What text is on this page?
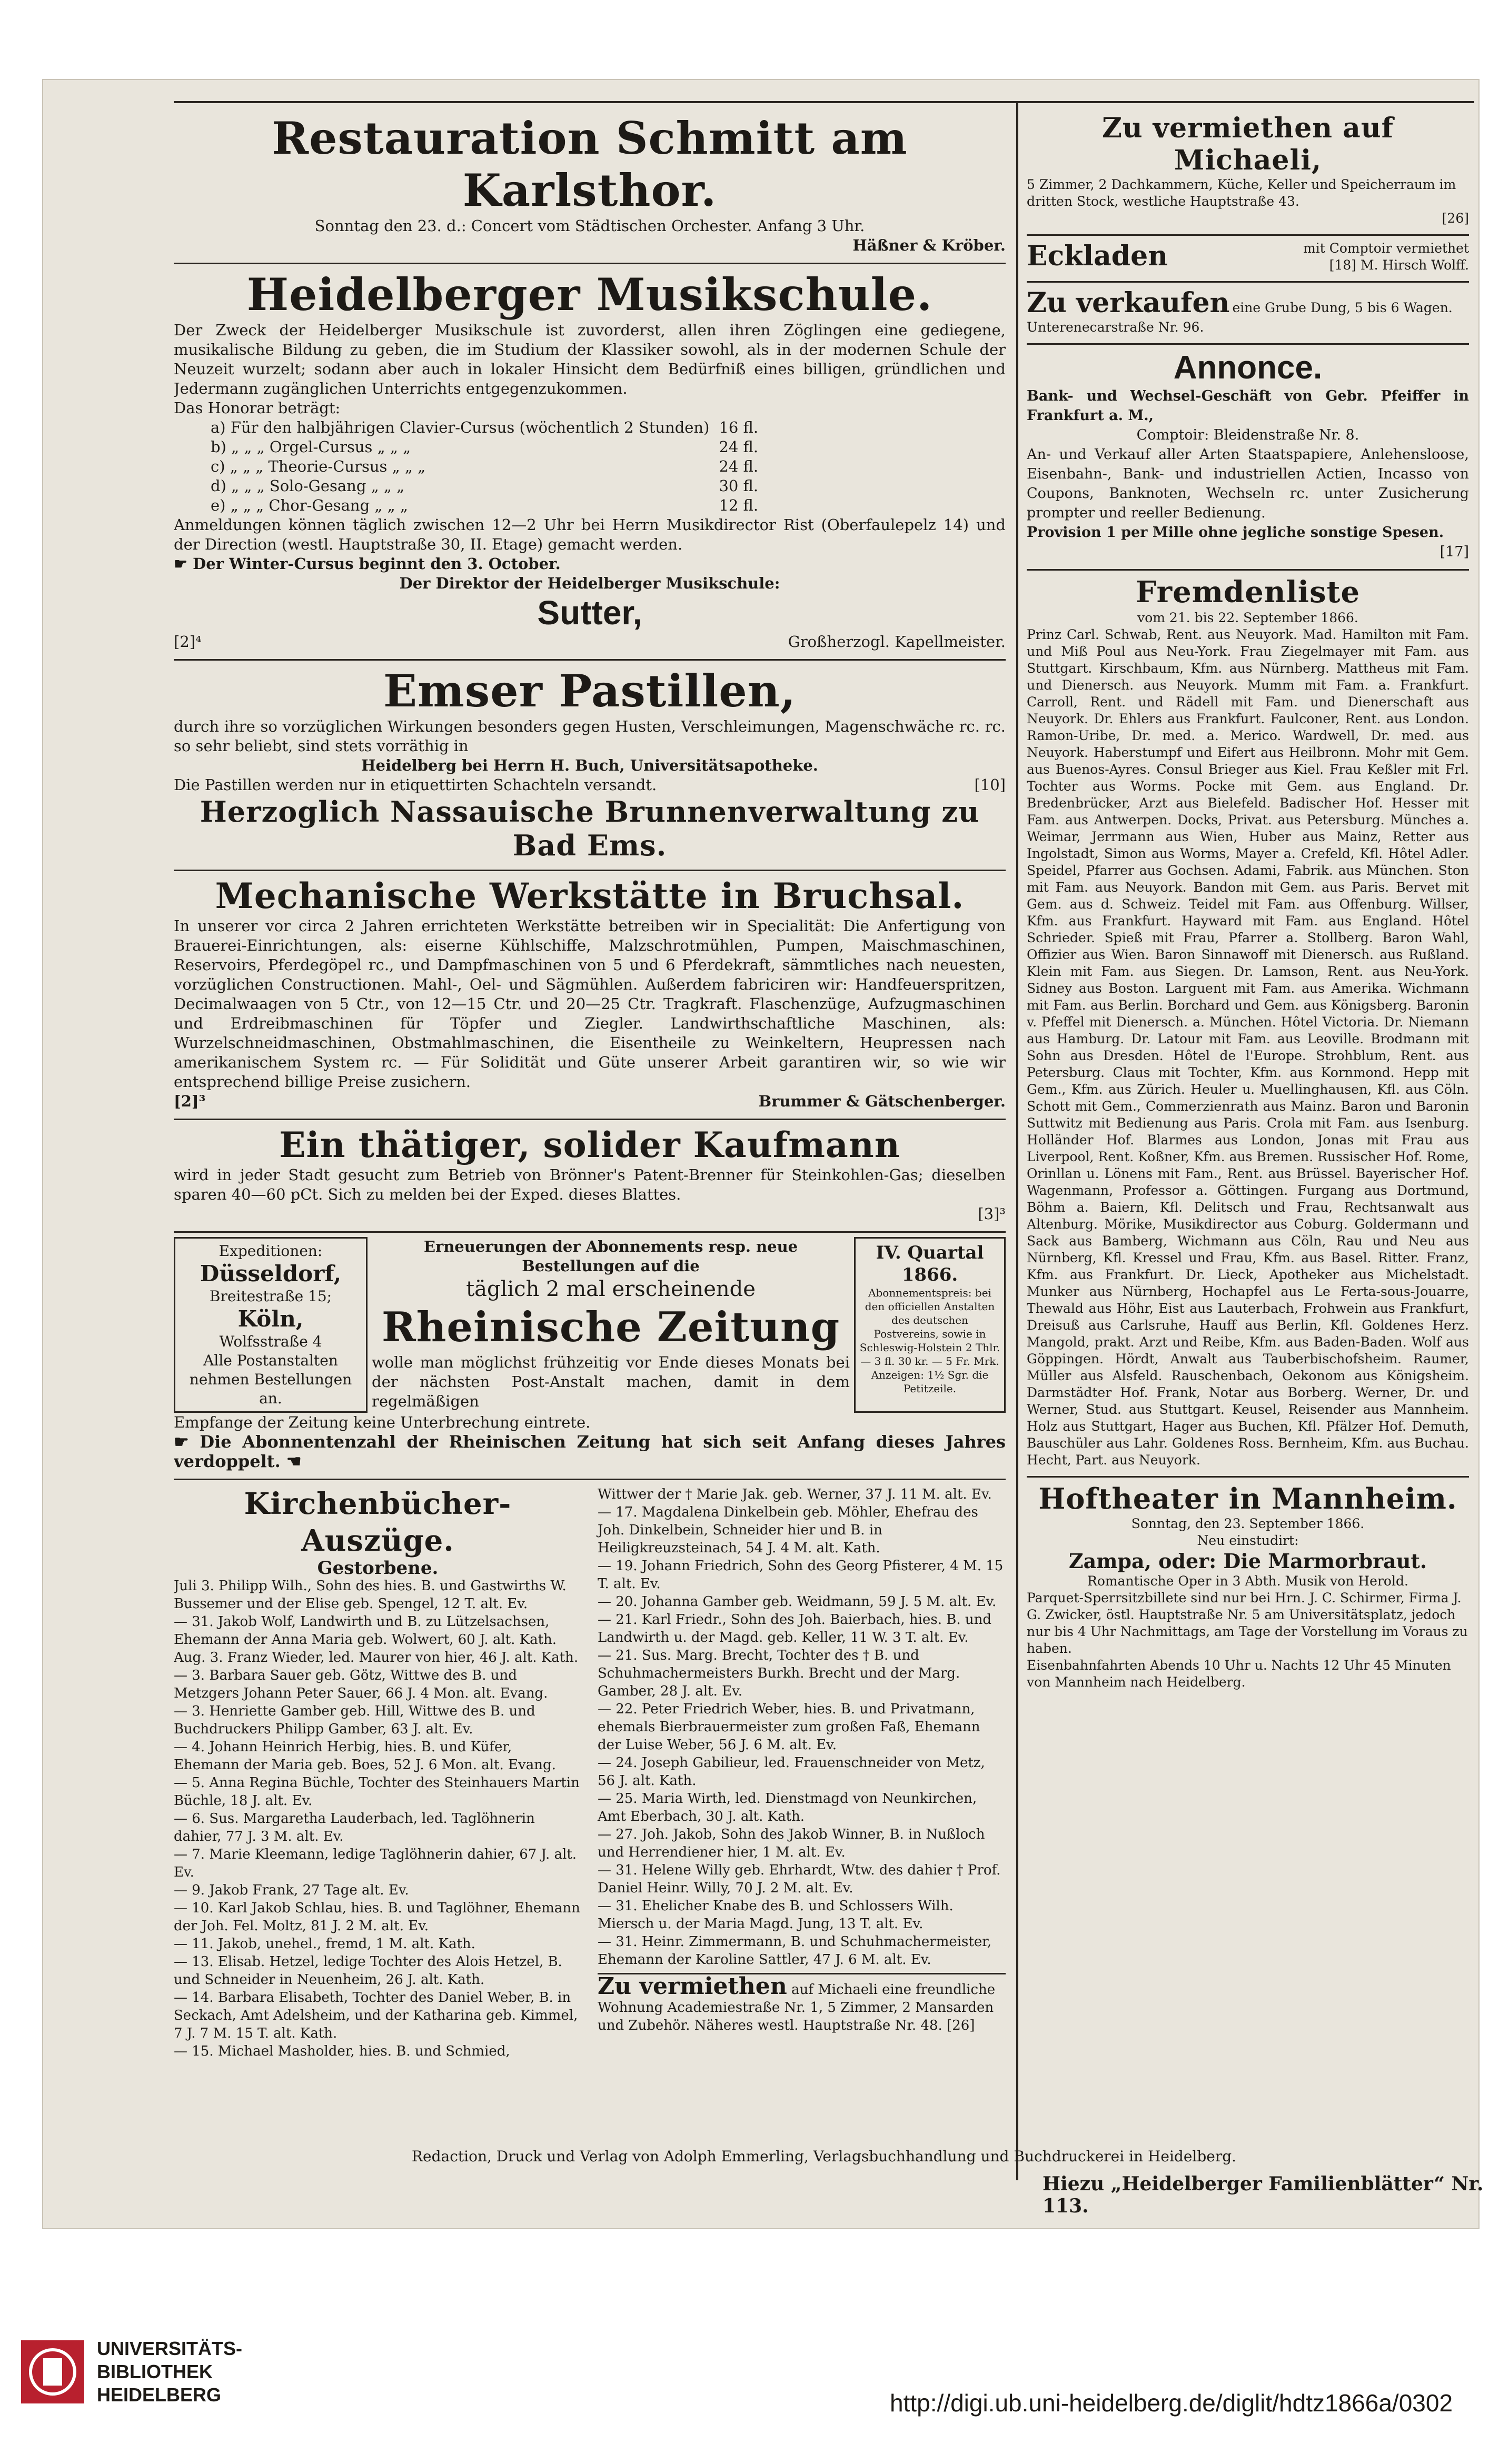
Restauration Schmitt am Karlsthor.
Sonntag den 23. d.: Concert vom Städtischen Orchester. Anfang 3 Uhr.
Häßner & Kröber.
Heidelberger Musikschule.
Der Zweck der Heidelberger Musikschule ist zuvorderst, allen ihren Zöglingen eine gediegene, musikalische Bildung zu geben, die im Studium der Klassiker sowohl, als in der modernen Schule der Neuzeit wurzelt; sodann aber auch in lokaler Hinsicht dem Bedürfniß eines billigen, gründlichen und Jedermann zugänglichen Unterrichts entgegenzukommen.
Das Honorar beträgt:
a) Für den halbjährigen Clavier-Cursus (wöchentlich 2 Stunden)	16 fl.
b) „ „ „ Orgel-Cursus „ „ „	24 fl.
c) „ „ „ Theorie-Cursus „ „ „	24 fl.
d) „ „ „ Solo-Gesang „ „ „	30 fl.
e) „ „ „ Chor-Gesang „ „ „	12 fl.
Anmeldungen können täglich zwischen 12—2 Uhr bei Herrn Musikdirector Rist (Oberfaulepelz 14) und der Direction (westl. Hauptstraße 30, II. Etage) gemacht werden.
☛ Der Winter-Cursus beginnt den 3. October.
Der Direktor der Heidelberger Musikschule:
Sutter,
[2]⁴	Großherzogl. Kapellmeister.
Emser Pastillen,
durch ihre so vorzüglichen Wirkungen besonders gegen Husten, Verschleimungen, Magenschwäche rc. rc. so sehr beliebt, sind stets vorräthig in
Heidelberg bei Herrn H. Buch, Universitätsapotheke.
Die Pastillen werden nur in etiquettirten Schachteln versandt.	[10]
Herzoglich Nassauische Brunnenverwaltung zu Bad Ems.
Mechanische Werkstätte in Bruchsal.
In unserer vor circa 2 Jahren errichteten Werkstätte betreiben wir in Specialität: Die Anfertigung von Brauerei-Einrichtungen, als: eiserne Kühlschiffe, Malzschrotmühlen, Pumpen, Maischmaschinen, Reservoirs, Pferdegöpel rc., und Dampfmaschinen von 5 und 6 Pferdekraft, sämmtliches nach neuesten, vorzüglichen Constructionen. Mahl-, Oel- und Sägmühlen. Außerdem fabriciren wir: Handfeuerspritzen, Decimalwaagen von 5 Ctr., von 12—15 Ctr. und 20—25 Ctr. Tragkraft. Flaschenzüge, Aufzugmaschinen und Erdreibmaschinen für Töpfer und Ziegler. Landwirthschaftliche Maschinen, als: Wurzelschneidmaschinen, Obstmahlmaschinen, die Eisentheile zu Weinkeltern, Heupressen nach amerikanischem System rc. — Für Solidität und Güte unserer Arbeit garantiren wir, so wie wir entsprechend billige Preise zusichern.
[2]³	Brummer & Gätschenberger.
Ein thätiger, solider Kaufmann
wird in jeder Stadt gesucht zum Betrieb von Brönner's Patent-Brenner für Steinkohlen-Gas; dieselben sparen 40—60 pCt. Sich zu melden bei der Exped. dieses Blattes.
[3]³
Expeditionen:
Düsseldorf,
Breitestraße 15;
Köln,
Wolfsstraße 4
Alle Postanstalten nehmen Bestellungen an.
Erneuerungen der Abonnements resp. neue Bestellungen auf die
täglich 2 mal erscheinende
Rheinische Zeitung
wolle man möglichst frühzeitig vor Ende dieses Monats bei der nächsten Post-Anstalt machen, damit in dem regelmäßigen
IV. Quartal 1866.
Abonnementspreis: bei den officiellen Anstalten des deutschen Postvereins, sowie in Schleswig-Holstein 2 Thlr. — 3 fl. 30 kr. — 5 Fr. Mrk. Anzeigen: 1½ Sgr. die Petitzeile.
Empfange der Zeitung keine Unterbrechung eintrete.
☛ Die Abonnentenzahl der Rheinischen Zeitung hat sich seit Anfang dieses Jahres verdoppelt. ☚
Kirchenbücher-Auszüge.
Gestorbene.
Juli 3. Philipp Wilh., Sohn des hies. B. und Gastwirths W. Bussemer und der Elise geb. Spengel, 12 T. alt. Ev.
— 31. Jakob Wolf, Landwirth und B. zu Lützelsachsen, Ehemann der Anna Maria geb. Wolwert, 60 J. alt. Kath.
Aug. 3. Franz Wieder, led. Maurer von hier, 46 J. alt. Kath.
— 3. Barbara Sauer geb. Götz, Wittwe des B. und Metzgers Johann Peter Sauer, 66 J. 4 Mon. alt. Evang.
— 3. Henriette Gamber geb. Hill, Wittwe des B. und Buchdruckers Philipp Gamber, 63 J. alt. Ev.
— 4. Johann Heinrich Herbig, hies. B. und Küfer, Ehemann der Maria geb. Boes, 52 J. 6 Mon. alt. Evang.
— 5. Anna Regina Büchle, Tochter des Steinhauers Martin Büchle, 18 J. alt. Ev.
— 6. Sus. Margaretha Lauderbach, led. Taglöhnerin dahier, 77 J. 3 M. alt. Ev.
— 7. Marie Kleemann, ledige Taglöhnerin dahier, 67 J. alt. Ev.
— 9. Jakob Frank, 27 Tage alt. Ev.
— 10. Karl Jakob Schlau, hies. B. und Taglöhner, Ehemann der Joh. Fel. Moltz, 81 J. 2 M. alt. Ev.
— 11. Jakob, unehel., fremd, 1 M. alt. Kath.
— 13. Elisab. Hetzel, ledige Tochter des Alois Hetzel, B. und Schneider in Neuenheim, 26 J. alt. Kath.
— 14. Barbara Elisabeth, Tochter des Daniel Weber, B. in Seckach, Amt Adelsheim, und der Katharina geb. Kimmel, 7 J. 7 M. 15 T. alt. Kath.
— 15. Michael Masholder, hies. B. und Schmied,
Wittwer der † Marie Jak. geb. Werner, 37 J. 11 M. alt. Ev.
— 17. Magdalena Dinkelbein geb. Möhler, Ehefrau des Joh. Dinkelbein, Schneider hier und B. in Heiligkreuzsteinach, 54 J. 4 M. alt. Kath.
— 19. Johann Friedrich, Sohn des Georg Pfisterer, 4 M. 15 T. alt. Ev.
— 20. Johanna Gamber geb. Weidmann, 59 J. 5 M. alt. Ev.
— 21. Karl Friedr., Sohn des Joh. Baierbach, hies. B. und Landwirth u. der Magd. geb. Keller, 11 W. 3 T. alt. Ev.
— 21. Sus. Marg. Brecht, Tochter des † B. und Schuhmachermeisters Burkh. Brecht und der Marg. Gamber, 28 J. alt. Ev.
— 22. Peter Friedrich Weber, hies. B. und Privatmann, ehemals Bierbrauermeister zum großen Faß, Ehemann der Luise Weber, 56 J. 6 M. alt. Ev.
— 24. Joseph Gabilieur, led. Frauenschneider von Metz, 56 J. alt. Kath.
— 25. Maria Wirth, led. Dienstmagd von Neunkirchen, Amt Eberbach, 30 J. alt. Kath.
— 27. Joh. Jakob, Sohn des Jakob Winner, B. in Nußloch und Herrendiener hier, 1 M. alt. Ev.
— 31. Helene Willy geb. Ehrhardt, Wtw. des dahier † Prof. Daniel Heinr. Willy, 70 J. 2 M. alt. Ev.
— 31. Ehelicher Knabe des B. und Schlossers Wilh. Miersch u. der Maria Magd. Jung, 13 T. alt. Ev.
— 31. Heinr. Zimmermann, B. und Schuhmachermeister, Ehemann der Karoline Sattler, 47 J. 6 M. alt. Ev.
Zu vermiethen auf Michaeli eine freundliche Wohnung Academiestraße Nr. 1, 5 Zimmer, 2 Mansarden und Zubehör. Näheres westl. Hauptstraße Nr. 48. [26]
Zu vermiethen auf Michaeli,
5 Zimmer, 2 Dachkammern, Küche, Keller und Speicherraum im dritten Stock, westliche Hauptstraße 43.
[26]
Eckladen	mit Comptoir vermiethet
[18] M. Hirsch Wolff.
Zu verkaufen eine Grube Dung, 5 bis 6 Wagen. Unterenecarstraße Nr. 96.
Annonce.
Bank- und Wechsel-Geschäft von Gebr. Pfeiffer in Frankfurt a. M.,
Comptoir: Bleidenstraße Nr. 8.
An- und Verkauf aller Arten Staatspapiere, Anlehensloose, Eisenbahn-, Bank- und industriellen Actien, Incasso von Coupons, Banknoten, Wechseln rc. unter Zusicherung prompter und reeller Bedienung.
Provision 1 per Mille ohne jegliche sonstige Spesen.
[17]
Fremdenliste
vom 21. bis 22. September 1866.
Prinz Carl. Schwab, Rent. aus Neuyork. Mad. Hamilton mit Fam. und Miß Poul aus Neu-York. Frau Ziegelmayer mit Fam. aus Stuttgart. Kirschbaum, Kfm. aus Nürnberg. Mattheus mit Fam. und Dienersch. aus Neuyork. Mumm mit Fam. a. Frankfurt. Carroll, Rent. und Rädell mit Fam. und Dienerschaft aus Neuyork. Dr. Ehlers aus Frankfurt. Faulconer, Rent. aus London. Ramon-Uribe, Dr. med. a. Merico. Wardwell, Dr. med. aus Neuyork. Haberstumpf und Eifert aus Heilbronn. Mohr mit Gem. aus Buenos-Ayres. Consul Brieger aus Kiel. Frau Keßler mit Frl. Tochter aus Worms. Pocke mit Gem. aus England. Dr. Bredenbrücker, Arzt aus Bielefeld. Badischer Hof. Hesser mit Fam. aus Antwerpen. Docks, Privat. aus Petersburg. Münches a. Weimar, Jerrmann aus Wien, Huber aus Mainz, Retter aus Ingolstadt, Simon aus Worms, Mayer a. Crefeld, Kfl. Hôtel Adler. Speidel, Pfarrer aus Gochsen. Adami, Fabrik. aus München. Ston mit Fam. aus Neuyork. Bandon mit Gem. aus Paris. Bervet mit Gem. aus d. Schweiz. Teidel mit Fam. aus Offenburg. Willser, Kfm. aus Frankfurt. Hayward mit Fam. aus England. Hôtel Schrieder. Spieß mit Frau, Pfarrer a. Stollberg. Baron Wahl, Offizier aus Wien. Baron Sinnawoff mit Dienersch. aus Rußland. Klein mit Fam. aus Siegen. Dr. Lamson, Rent. aus Neu-York. Sidney aus Boston. Larguent mit Fam. aus Amerika. Wichmann mit Fam. aus Berlin. Borchard und Gem. aus Königsberg. Baronin v. Pfeffel mit Dienersch. a. München. Hôtel Victoria. Dr. Niemann aus Hamburg. Dr. Latour mit Fam. aus Leoville. Brodmann mit Sohn aus Dresden. Hôtel de l'Europe. Strohblum, Rent. aus Petersburg. Claus mit Tochter, Kfm. aus Kornmond. Hepp mit Gem., Kfm. aus Zürich. Heuler u. Muellinghausen, Kfl. aus Cöln. Schott mit Gem., Commerzienrath aus Mainz. Baron und Baronin Suttwitz mit Bedienung aus Paris. Crola mit Fam. aus Isenburg. Holländer Hof. Blarmes aus London, Jonas mit Frau aus Liverpool, Rent. Koßner, Kfm. aus Bremen. Russischer Hof. Rome, Orinllan u. Lönens mit Fam., Rent. aus Brüssel. Bayerischer Hof. Wagenmann, Professor a. Göttingen. Furgang aus Dortmund, Böhm a. Baiern, Kfl. Delitsch und Frau, Rechtsanwalt aus Altenburg. Mörike, Musikdirector aus Coburg. Goldermann und Sack aus Bamberg, Wichmann aus Cöln, Rau und Neu aus Nürnberg, Kfl. Kressel und Frau, Kfm. aus Basel. Ritter. Franz, Kfm. aus Frankfurt. Dr. Lieck, Apotheker aus Michelstadt. Munker aus Nürnberg, Hochapfel aus Le Ferta-sous-Jouarre, Thewald aus Höhr, Eist aus Lauterbach, Frohwein aus Frankfurt, Dreisuß aus Carlsruhe, Hauff aus Berlin, Kfl. Goldenes Herz. Mangold, prakt. Arzt und Reibe, Kfm. aus Baden-Baden. Wolf aus Göppingen. Hördt, Anwalt aus Tauberbischofsheim. Raumer, Müller aus Alsfeld. Rauschenbach, Oekonom aus Königsheim. Darmstädter Hof. Frank, Notar aus Borberg. Werner, Dr. und Werner, Stud. aus Stuttgart. Keusel, Reisender aus Mannheim. Holz aus Stuttgart, Hager aus Buchen, Kfl. Pfälzer Hof. Demuth, Bauschüler aus Lahr. Goldenes Ross. Bernheim, Kfm. aus Buchau. Hecht, Part. aus Neuyork.
Hoftheater in Mannheim.
Sonntag, den 23. September 1866.
Neu einstudirt:
Zampa, oder: Die Marmorbraut.
Romantische Oper in 3 Abth. Musik von Herold.
Parquet-Sperrsitzbillete sind nur bei Hrn. J. C. Schirmer, Firma J. G. Zwicker, östl. Hauptstraße Nr. 5 am Universitätsplatz, jedoch nur bis 4 Uhr Nachmittags, am Tage der Vorstellung im Voraus zu haben.
Eisenbahnfahrten Abends 10 Uhr u. Nachts 12 Uhr 45 Minuten von Mannheim nach Heidelberg.
Redaction, Druck und Verlag von Adolph Emmerling, Verlagsbuchhandlung und Buchdruckerei in Heidelberg.
Hiezu „Heidelberger Familienblätter“ Nr. 113.
UNIVERSITÄTS-
BIBLIOTHEK
HEIDELBERG	http://digi.ub.uni-heidelberg.de/diglit/hdtz1866a/0302
